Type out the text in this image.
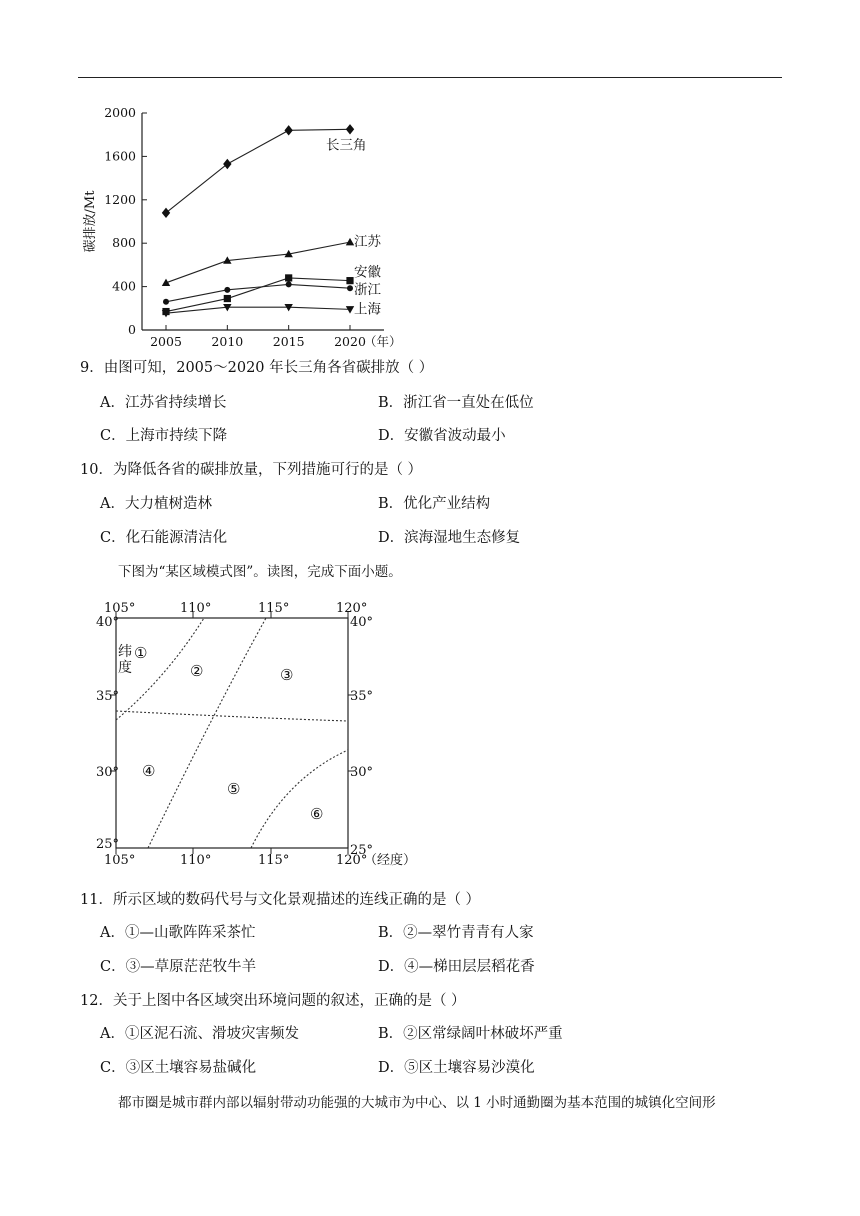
0
400
800
1200
1600
2000
2005 2010 2015 2020
（年）
碳排放/Mt
长三角
江苏
安徽
浙江
上海
9．由图可知，2005～2020 年长三角各省碳排放（ ）
A．江苏省持续增长	B．浙江省一直处在低位
C．上海市持续下降	D．安徽省波动最小
10．为降低各省的碳排放量，下列措施可行的是（ ）
A．大力植树造林	B．优化产业结构
C．化石能源清洁化	D．滨海湿地生态修复
下图为“某区域模式图”。读图，完成下面小题。
105°	110°	115°	120°
40°
35°
30°
25°
纬
度
40°
35°
30°
25°
105°	110°	115°	120°
（经度）
①
②	③
④
⑤
⑥
11．所示区域的数码代号与文化景观描述的连线正确的是（ ）
A．①—山歌阵阵采茶忙	B．②—翠竹青青有人家
C．③—草原茫茫牧牛羊	D．④—梯田层层稻花香
12．关于上图中各区域突出环境问题的叙述，正确的是（ ）
A．①区泥石流、滑坡灾害频发	B．②区常绿阔叶林破坏严重
C．③区土壤容易盐碱化	D．⑤区土壤容易沙漠化
都市圈是城市群内部以辐射带动功能强的大城市为中心、以 1 小时通勤圈为基本范围的城镇化空间形
